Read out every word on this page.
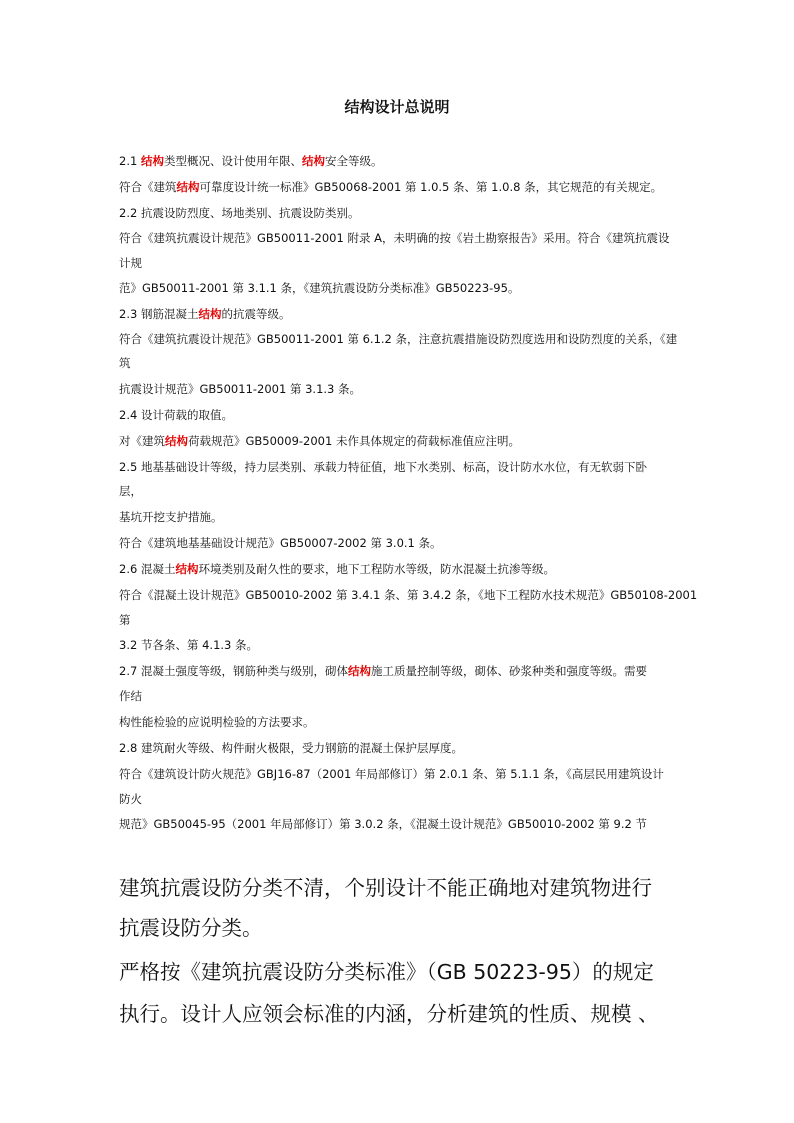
结构设计总说明
2.1 结构类型概况、设计使用年限、结构安全等级。
符合《建筑结构可靠度设计统一标准》GB50068-2001 第 1.0.5 条、第 1.0.8 条，其它规范的有关规定。
2.2 抗震设防烈度、场地类别、抗震设防类别。
符合《建筑抗震设计规范》GB50011-2001 附录 A，未明确的按《岩土勘察报告》采用。符合《建筑抗震设
计规
范》GB50011-2001 第 3.1.1 条，《建筑抗震设防分类标准》GB50223-95。
2.3 钢筋混凝土结构的抗震等级。
符合《建筑抗震设计规范》GB50011-2001 第 6.1.2 条，注意抗震措施设防烈度选用和设防烈度的关系，《建
筑
抗震设计规范》GB50011-2001 第 3.1.3 条。
2.4 设计荷载的取值。
对《建筑结构荷载规范》GB50009-2001 未作具体规定的荷载标准值应注明。
2.5 地基基础设计等级，持力层类别、承载力特征值，地下水类别、标高，设计防水水位，有无软弱下卧
层，
基坑开挖支护措施。
符合《建筑地基基础设计规范》GB50007-2002 第 3.0.1 条。
2.6 混凝土结构环境类别及耐久性的要求，地下工程防水等级，防水混凝土抗渗等级。
符合《混凝土设计规范》GB50010-2002 第 3.4.1 条、第 3.4.2 条，《地下工程防水技术规范》GB50108-2001
第
3.2 节各条、第 4.1.3 条。
2.7 混凝土强度等级，钢筋种类与级别，砌体结构施工质量控制等级，砌体、砂浆种类和强度等级。需要
作结
构性能检验的应说明检验的方法要求。
2.8 建筑耐火等级、构件耐火极限，受力钢筋的混凝土保护层厚度。
符合《建筑设计防火规范》GBJ16-87（2001 年局部修订）第 2.0.1 条、第 5.1.1 条，《高层民用建筑设计
防火
规范》GB50045-95（2001 年局部修订）第 3.0.2 条，《混凝土设计规范》GB50010-2002 第 9.2 节
建筑抗震设防分类不清，个别设计不能正确地对建筑物进行
抗震设防分类。
严格按《建筑抗震设防分类标准》（GB 50223-95）的规定
执行。设计人应领会标准的内涵，分析建筑的性质、规模 、
